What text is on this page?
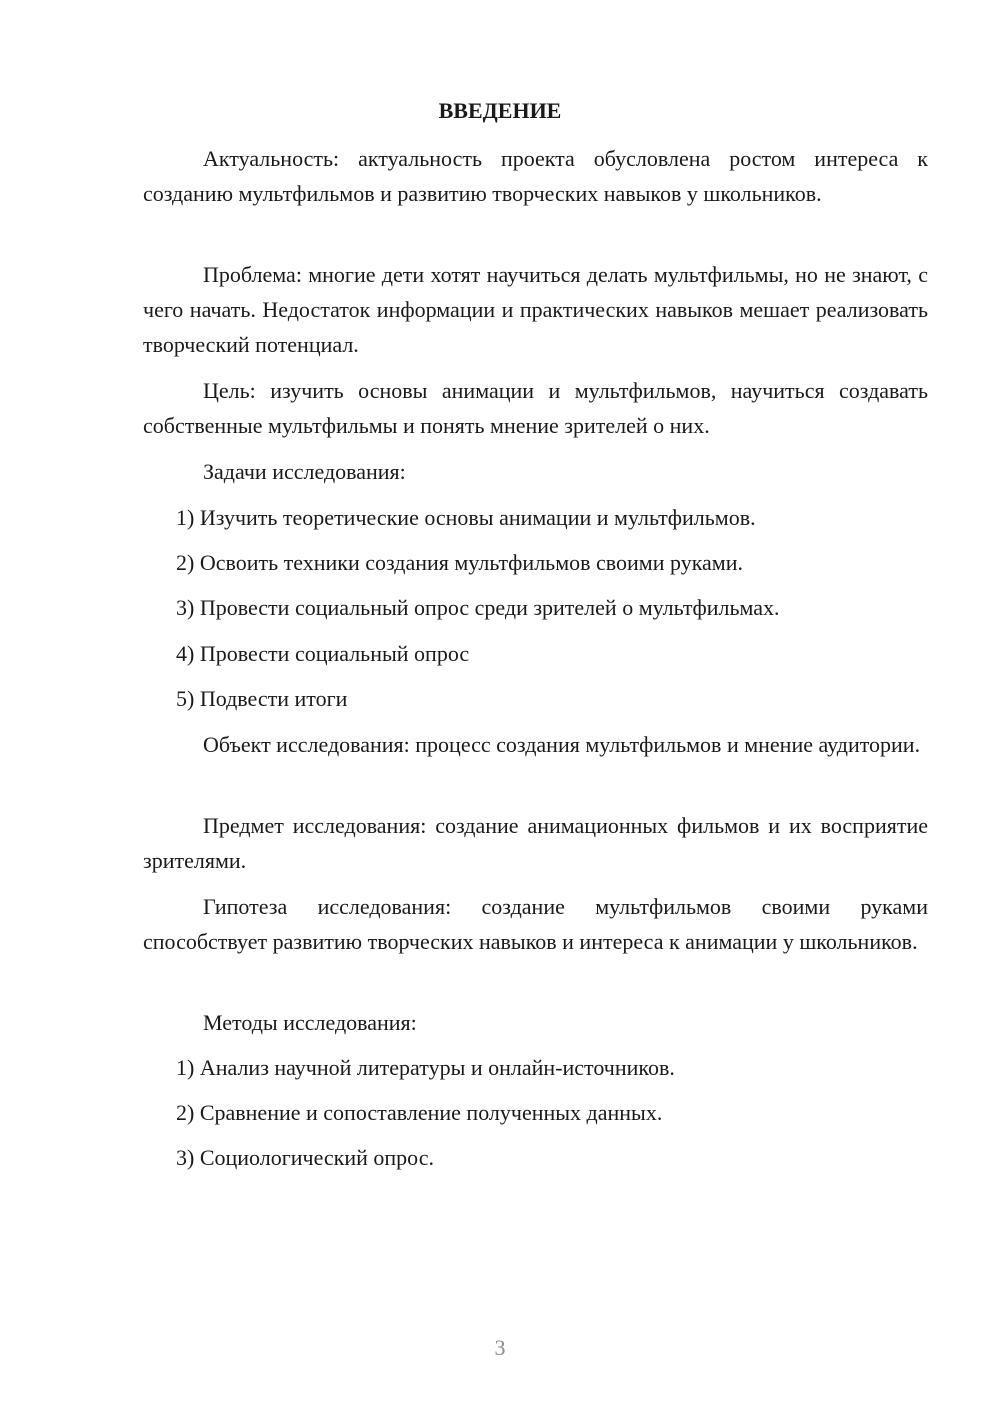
ВВЕДЕНИЕ

Актуальность: актуальность проекта обусловлена ростом интереса к созданию мультфильмов и развитию творческих навыков у школьников.

Проблема: многие дети хотят научиться делать мультфильмы, но не знают, с чего начать. Недостаток информации и практических навыков мешает реализовать творческий потенциал.

Цель: изучить основы анимации и мультфильмов, научиться создавать собственные мультфильмы и понять мнение зрителей о них.

Задачи исследования:

1) Изучить теоретические основы анимации и мультфильмов.

2) Освоить техники создания мультфильмов своими руками.

3) Провести социальный опрос среди зрителей о мультфильмах.

4) Провести социальный опрос

5) Подвести итоги

Объект исследования: процесс создания мультфильмов и мнение аудитории.

Предмет исследования: создание анимационных фильмов и их восприятие зрителями.

Гипотеза исследования: создание мультфильмов своими руками способствует развитию творческих навыков и интереса к анимации у школьников.

Методы исследования:

1) Анализ научной литературы и онлайн-источников.

2) Сравнение и сопоставление полученных данных.

3) Социологический опрос.

3
